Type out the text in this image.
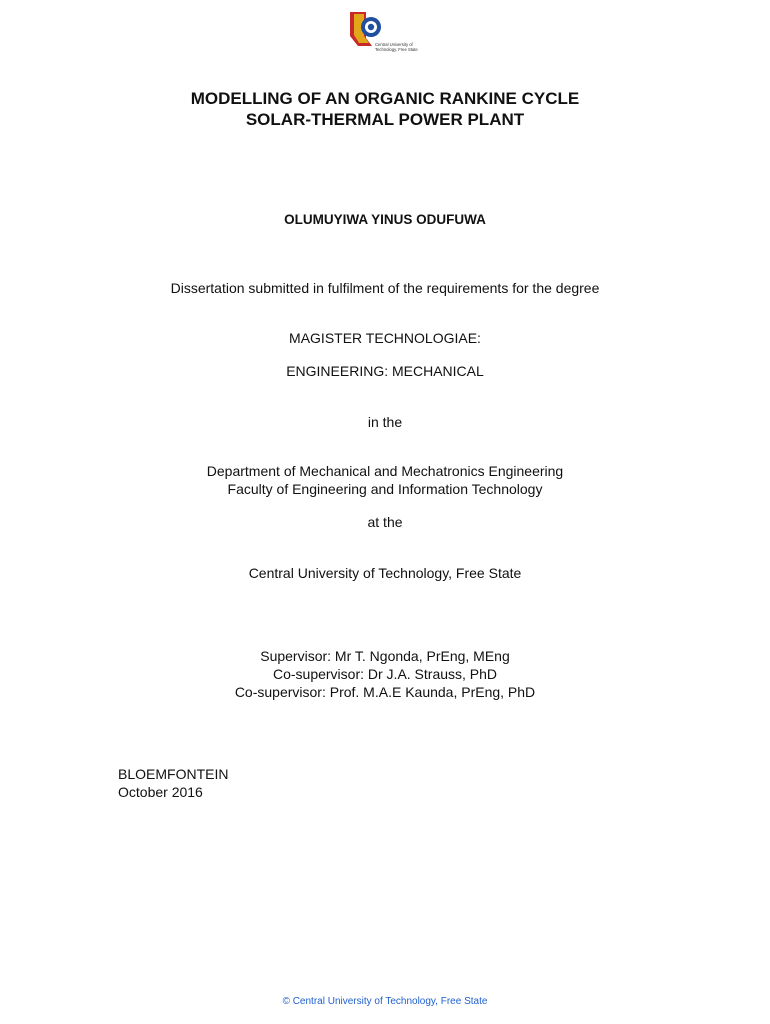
Central University of
Technology, Free State
MODELLING OF AN ORGANIC RANKINE CYCLE
SOLAR-THERMAL POWER PLANT
OLUMUYIWA YINUS ODUFUWA
Dissertation submitted in fulfilment of the requirements for the degree
MAGISTER TECHNOLOGIAE:
ENGINEERING: MECHANICAL
in the
Department of Mechanical and Mechatronics Engineering
Faculty of Engineering and Information Technology
at the
Central University of Technology, Free State
Supervisor: Mr T. Ngonda, PrEng, MEng
Co-supervisor: Dr J.A. Strauss, PhD
Co-supervisor: Prof. M.A.E Kaunda, PrEng, PhD
BLOEMFONTEIN
October 2016
© Central University of Technology, Free State
